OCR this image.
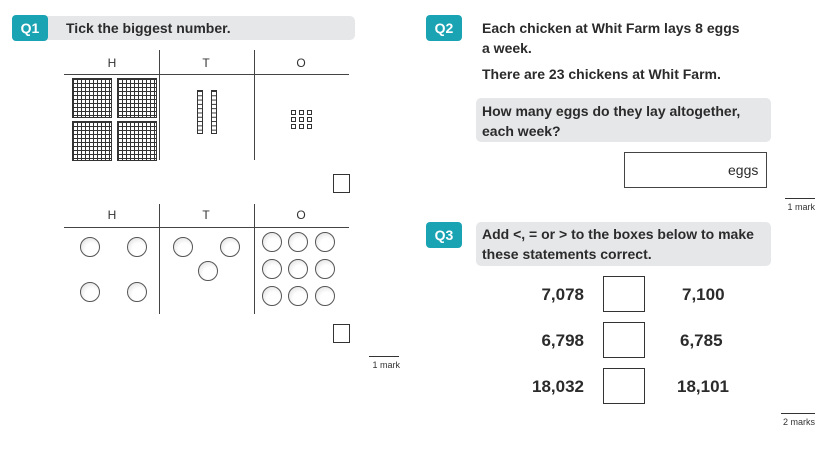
Q1	Tick the biggest number.
H	T	O
H	T	O
1 mark
Q2	Each chicken at Whit Farm lays 8 eggs
a week.
There are 23 chickens at Whit Farm.
How many eggs do they lay altogether,
each week?
eggs
1 mark
Q3	Add <, = or > to the boxes below to make
these statements correct.
7,078	7,100
6,798	6,785
18,032	18,101
2 marks
